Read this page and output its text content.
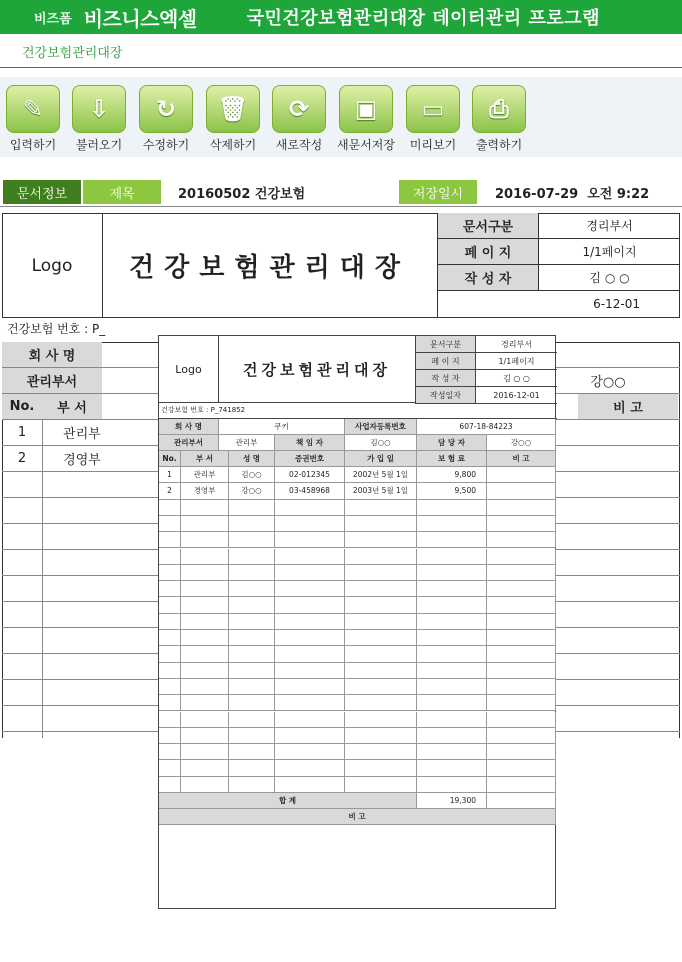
비즈폼 비즈니스엑셀	국민건강보험관리대장 데이터관리 프로그램
건강보험관리대장
✎
입력하기
⇩
불러오기
↻
수정하기
🗑
삭제하기
⟳
새로작성
▣
새문서저장
▭
미리보기
⎙
출력하기
문서정보	제목	20160502 건강보험	저장일시	2016-07-29  오전 9:22
Logo	건강보험관리대장
문서구분	경리부서
페 이 지	1/1페이지
작 성 자	김 ○ ○
6-12-01
건강보험 번호 : P_
회 사 명
관리부서	강○○
No.	부 서	비 고
1	관리부
2	경영부
Logo	건강보험관리대장
문서구분	경리부서
페 이 지	1/1페이지
작 성 자	김 ○ ○
작성일자	2016-12-01
건강보험 번호 : P_741852
회 사 명	쿠키	사업자등록번호	607-18-84223
관리부서	관리부	책 임 자	김○○	담 당 자	강○○
No.	부 서	성 명	증권번호	가 입 일	보 험 료	비 고
1	관리부	김○○	02-012345	2002년 5월 1일	9,800
2	경영부	강○○	03-458968	2003년 5월 1일	9,500
합 계	19,300
비 고
